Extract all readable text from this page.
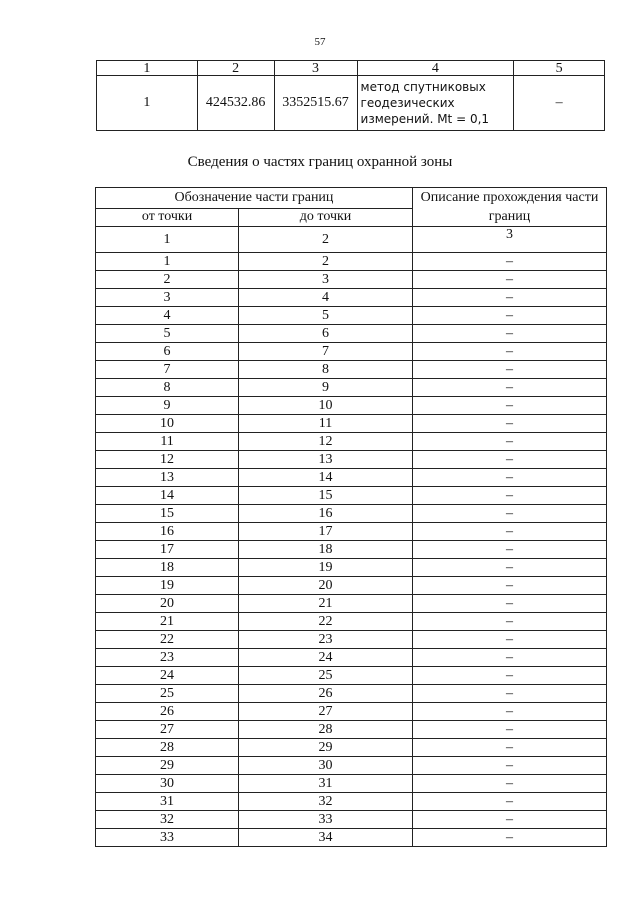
57
1	2	3	4	5
1	424532.86	3352515.67	метод спутниковых геодезических измерений. Mt = 0,1	–
Сведения о частях границ охранной зоны
Обозначение части границ		Описание прохождения части границ
от точки	до точки	
1	2	3
1	2	–
2	3	–
3	4	–
4	5	–
5	6	–
6	7	–
7	8	–
8	9	–
9	10	–
10	11	–
11	12	–
12	13	–
13	14	–
14	15	–
15	16	–
16	17	–
17	18	–
18	19	–
19	20	–
20	21	–
21	22	–
22	23	–
23	24	–
24	25	–
25	26	–
26	27	–
27	28	–
28	29	–
29	30	–
30	31	–
31	32	–
32	33	–
33	34	–
